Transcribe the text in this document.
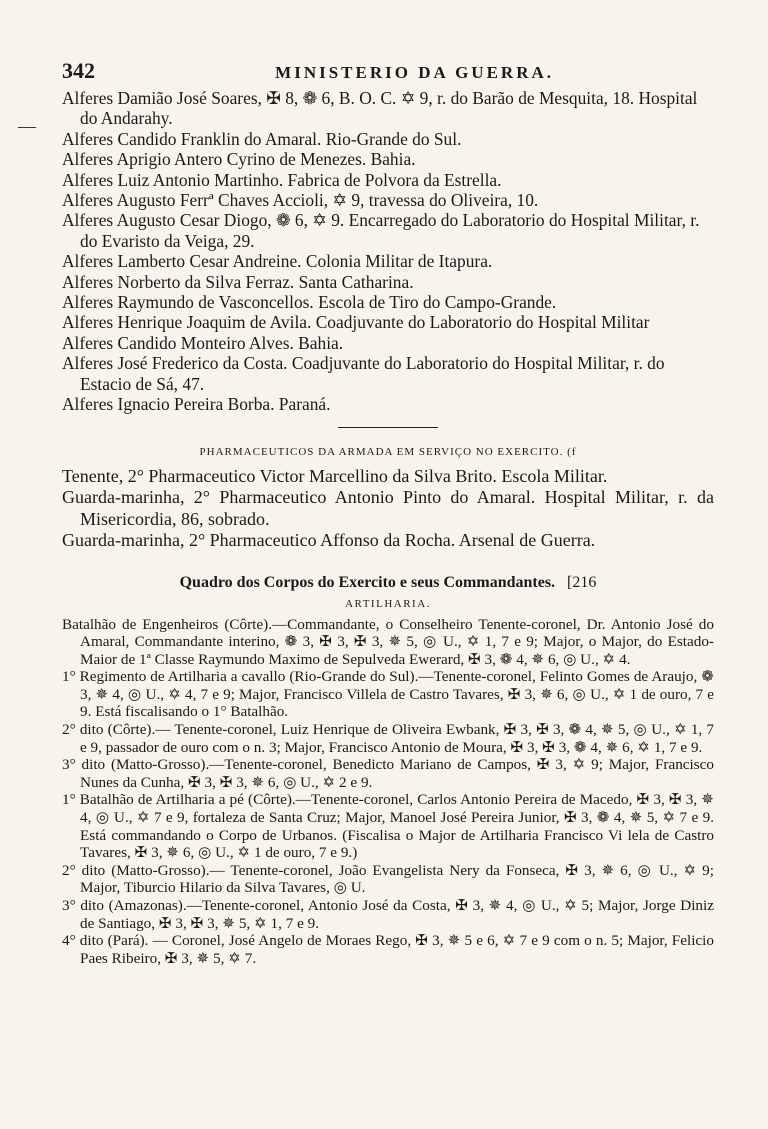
—
342	MINISTERIO DA GUERRA.
Alferes Damião José Soares, ✠ 8, ❁ 6, B. O. C. ✡ 9, r. do Barão de Mesquita, 18. Hospital do Andarahy.
Alferes Candido Franklin do Amaral. Rio-Grande do Sul.
Alferes Aprigio Antero Cyrino de Menezes. Bahia.
Alferes Luiz Antonio Martinho. Fabrica de Polvora da Estrella.
Alferes Augusto Ferrª Chaves Accioli, ✡ 9, travessa do Oliveira, 10.
Alferes Augusto Cesar Diogo, ❁ 6, ✡ 9. Encarregado do Laboratorio do Hospital Militar, r. do Evaristo da Veiga, 29.
Alferes Lamberto Cesar Andreine. Colonia Militar de Itapura.
Alferes Norberto da Silva Ferraz. Santa Catharina.
Alferes Raymundo de Vasconcellos. Escola de Tiro do Campo-Grande.
Alferes Henrique Joaquim de Avila. Coadjuvante do Laboratorio do Hospital Militar
Alferes Candido Monteiro Alves. Bahia.
Alferes José Frederico da Costa. Coadjuvante do Laboratorio do Hospital Militar, r. do Estacio de Sá, 47.
Alferes Ignacio Pereira Borba. Paraná.
PHARMACEUTICOS DA ARMADA EM SERVIÇO NO EXERCITO. (f
Tenente, 2° Pharmaceutico Victor Marcellino da Silva Brito. Escola Militar.
Guarda-marinha, 2° Pharmaceutico Antonio Pinto do Amaral. Hospital Militar, r. da Misericordia, 86, sobrado.
Guarda-marinha, 2° Pharmaceutico Affonso da Rocha. Arsenal de Guerra.
Quadro dos Corpos do Exercito e seus Commandantes. [216
ARTILHARIA.
Batalhão de Engenheiros (Côrte).—Commandante, o Conselheiro Tenente-coronel, Dr. Antonio José do Amaral, Commandante interino, ❁ 3, ✠ 3, ✠ 3, ✵ 5, ◎ U., ✡ 1, 7 e 9; Major, o Major, do Estado-Maior de 1ª Classe Raymundo Maximo de Sepulveda Ewerard, ✠ 3, ❁ 4, ✵ 6, ◎ U., ✡ 4.
1° Regimento de Artilharia a cavallo (Rio-Grande do Sul).—Tenente-coronel, Felinto Gomes de Araujo, ❁ 3, ✵ 4, ◎ U., ✡ 4, 7 e 9; Major, Francisco Villela de Castro Tavares, ✠ 3, ✵ 6, ◎ U., ✡ 1 de ouro, 7 e 9. Está fiscalisando o 1° Batalhão.
2° dito (Côrte).— Tenente-coronel, Luiz Henrique de Oliveira Ewbank, ✠ 3, ✠ 3, ❁ 4, ✵ 5, ◎ U., ✡ 1, 7 e 9, passador de ouro com o n. 3; Major, Francisco Antonio de Moura, ✠ 3, ✠ 3, ❁ 4, ✵ 6, ✡ 1, 7 e 9.
3° dito (Matto-Grosso).—Tenente-coronel, Benedicto Mariano de Campos, ✠ 3, ✡ 9; Major, Francisco Nunes da Cunha, ✠ 3, ✠ 3, ✵ 6, ◎ U., ✡ 2 e 9.
1° Batalhão de Artilharia a pé (Côrte).—Tenente-coronel, Carlos Antonio Pereira de Macedo, ✠ 3, ✠ 3, ✵ 4, ◎ U., ✡ 7 e 9, fortaleza de Santa Cruz; Major, Manoel José Pereira Junior, ✠ 3, ❁ 4, ✵ 5, ✡ 7 e 9. Está commandando o Corpo de Urbanos. (Fiscalisa o Major de Artilharia Francisco Vi lela de Castro Tavares, ✠ 3, ✵ 6, ◎ U., ✡ 1 de ouro, 7 e 9.)
2° dito (Matto-Grosso).— Tenente-coronel, João Evangelista Nery da Fonseca, ✠ 3, ✵ 6, ◎ U., ✡ 9; Major, Tiburcio Hilario da Silva Tavares, ◎ U.
3° dito (Amazonas).—Tenente-coronel, Antonio José da Costa, ✠ 3, ✵ 4, ◎ U., ✡ 5; Major, Jorge Diniz de Santiago, ✠ 3, ✠ 3, ✵ 5, ✡ 1, 7 e 9.
4° dito (Pará). — Coronel, José Angelo de Moraes Rego, ✠ 3, ✵ 5 e 6, ✡ 7 e 9 com o n. 5; Major, Felicio Paes Ribeiro, ✠ 3, ✵ 5, ✡ 7.
